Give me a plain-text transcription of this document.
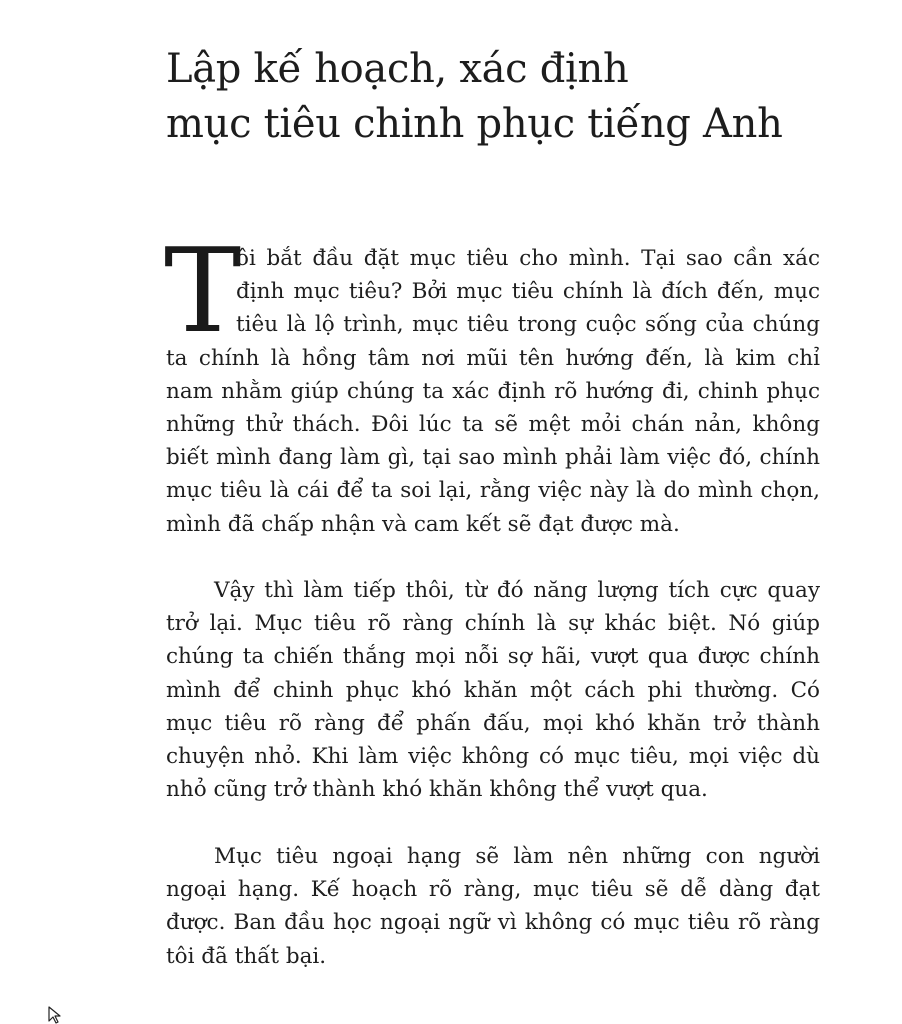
Lập kế hoạch, xác định
mục tiêu chinh phục tiếng Anh
T
ôi bắt đầu đặt mục tiêu cho mình. Tại sao cần xác
định mục tiêu? Bởi mục tiêu chính là đích đến, mục
tiêu là lộ trình, mục tiêu trong cuộc sống của chúng
ta chính là hồng tâm nơi mũi tên hướng đến, là kim chỉ
nam nhằm giúp chúng ta xác định rõ hướng đi, chinh phục
những thử thách. Đôi lúc ta sẽ mệt mỏi chán nản, không
biết mình đang làm gì, tại sao mình phải làm việc đó, chính
mục tiêu là cái để ta soi lại, rằng việc này là do mình chọn,
mình đã chấp nhận và cam kết sẽ đạt được mà.
Vậy thì làm tiếp thôi, từ đó năng lượng tích cực quay
trở lại. Mục tiêu rõ ràng chính là sự khác biệt. Nó giúp
chúng ta chiến thắng mọi nỗi sợ hãi, vượt qua được chính
mình để chinh phục khó khăn một cách phi thường. Có
mục tiêu rõ ràng để phấn đấu, mọi khó khăn trở thành
chuyện nhỏ. Khi làm việc không có mục tiêu, mọi việc dù
nhỏ cũng trở thành khó khăn không thể vượt qua.
Mục tiêu ngoại hạng sẽ làm nên những con người
ngoại hạng. Kế hoạch rõ ràng, mục tiêu sẽ dễ dàng đạt
được. Ban đầu học ngoại ngữ vì không có mục tiêu rõ ràng
tôi đã thất bại.
